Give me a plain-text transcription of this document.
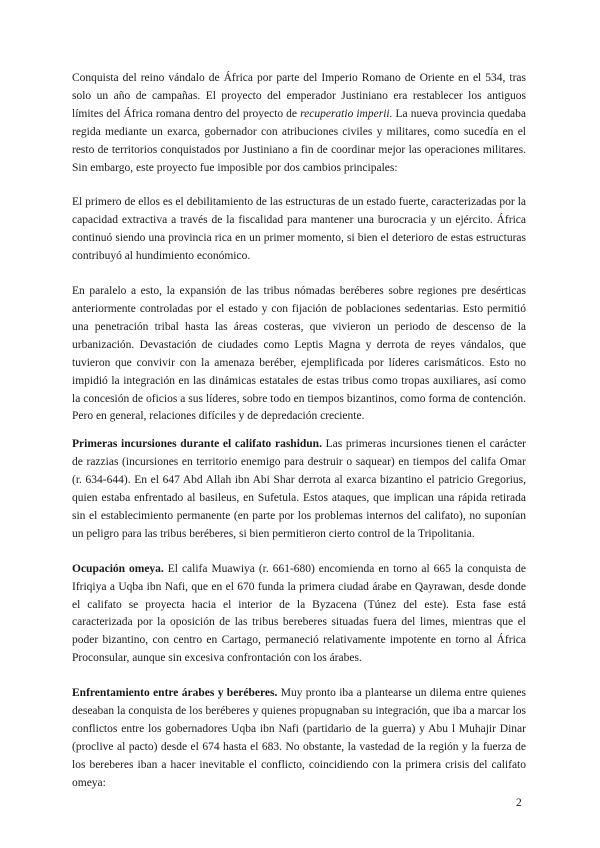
Conquista del reino vándalo de África por parte del Imperio Romano de Oriente en el 534, tras solo un año de campañas. El proyecto del emperador Justiniano era restablecer los antiguos límites del África romana dentro del proyecto de recuperatio imperii. La nueva provincia quedaba regida mediante un exarca, gobernador con atribuciones civiles y militares, como sucedía en el resto de territorios conquistados por Justiniano a fin de coordinar mejor las operaciones militares. Sin embargo, este proyecto fue imposible por dos cambios principales:

El primero de ellos es el debilitamiento de las estructuras de un estado fuerte, caracterizadas por la capacidad extractiva a través de la fiscalidad para mantener una burocracia y un ejército. África continuó siendo una provincia rica en un primer momento, si bien el deterioro de estas estructuras contribuyó al hundimiento económico.

En paralelo a esto, la expansión de las tribus nómadas beréberes sobre regiones pre desérticas anteriormente controladas por el estado y con fijación de poblaciones sedentarias. Esto permitió una penetración tribal hasta las áreas costeras, que vivieron un periodo de descenso de la urbanización. Devastación de ciudades como Leptis Magna y derrota de reyes vándalos, que tuvieron que convivir con la amenaza beréber, ejemplificada por líderes carismáticos. Esto no impidió la integración en las dinámicas estatales de estas tribus como tropas auxiliares, así como la concesión de oficios a sus líderes, sobre todo en tiempos bizantinos, como forma de contención. Pero en general, relaciones difíciles y de depredación creciente.

Primeras incursiones durante el califato rashidun. Las primeras incursiones tienen el carácter de razzias (incursiones en territorio enemigo para destruir o saquear) en tiempos del califa Omar (r. 634-644). En el 647 Abd Allah ibn Abi Shar derrota al exarca bizantino el patricio Gregorius, quien estaba enfrentado al basileus, en Sufetula. Estos ataques, que implican una rápida retirada sin el establecimiento permanente (en parte por los problemas internos del califato), no suponían un peligro para las tribus beréberes, si bien permitieron cierto control de la Tripolitania.

Ocupación omeya. El califa Muawiya (r. 661-680) encomienda en torno al 665 la conquista de Ifriqiya a Uqba ibn Nafi, que en el 670 funda la primera ciudad árabe en Qayrawan, desde donde el califato se proyecta hacia el interior de la Byzacena (Túnez del este). Esta fase está caracterizada por la oposición de las tribus bereberes situadas fuera del limes, mientras que el poder bizantino, con centro en Cartago, permaneció relativamente impotente en torno al África Proconsular, aunque sin excesiva confrontación con los árabes.

Enfrentamiento entre árabes y beréberes. Muy pronto iba a plantearse un dilema entre quienes deseaban la conquista de los beréberes y quienes propugnaban su integración, que iba a marcar los conflictos entre los gobernadores Uqba ibn Nafi (partidario de la guerra) y Abu l Muhajir Dinar (proclive al pacto) desde el 674 hasta el 683. No obstante, la vastedad de la región y la fuerza de los bereberes iban a hacer inevitable el conflicto, coincidiendo con la primera crisis del califato omeya:

2
